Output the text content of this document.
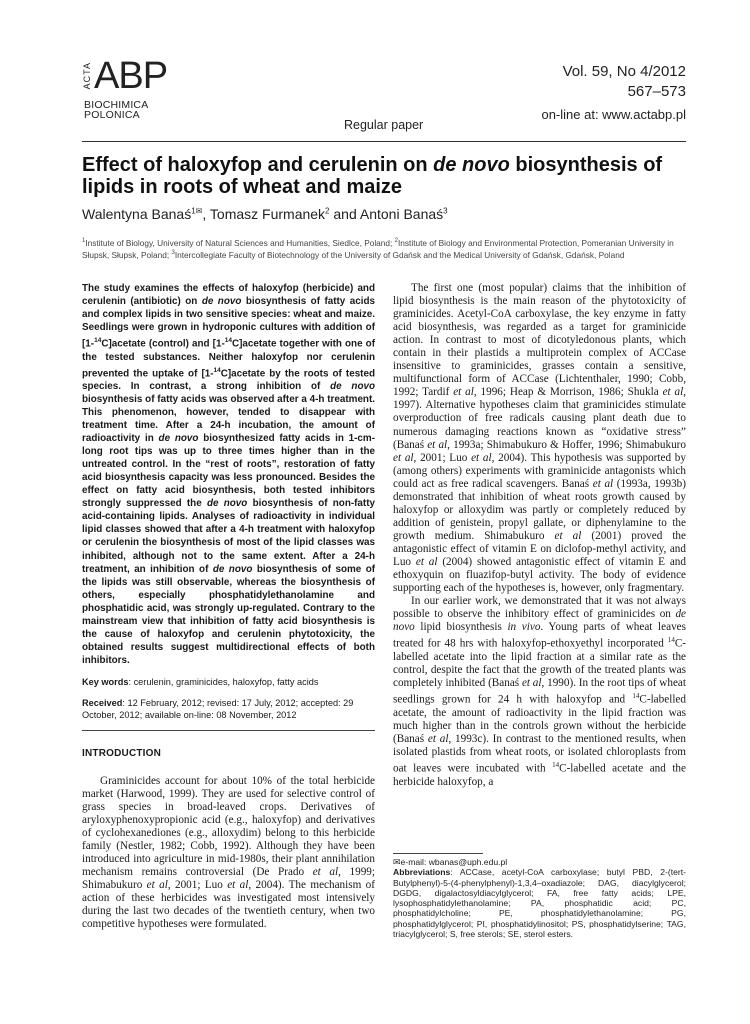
ACTA ABP
BIOCHIMICA
POLONICA
Vol. 59, No 4/2012
567–573
on-line at: www.actabp.pl
Regular paper
Effect of haloxyfop and cerulenin on de novo biosynthesis of lipids in roots of wheat and maize
Walentyna Banaś$^{1✉}$, Tomasz Furmanek$^2$ and Antoni Banaś$^3$
$^1$Institute of Biology, University of Natural Sciences and Humanities, Siedlce, Poland; $^2$Institute of Biology and Environmental Protection, Pomeranian University in Słupsk, Słupsk, Poland; $^3$Intercollegiate Faculty of Biotechnology of the University of Gdańsk and the Medical University of Gdańsk, Gdańsk, Poland
The study examines the effects of haloxyfop (herbicide) and cerulenin (antibiotic) on de novo biosynthesis of fatty acids and complex lipids in two sensitive species: wheat and maize. Seedlings were grown in hydroponic cultures with addition of [1-$^{14}$C]acetate (control) and [1-$^{14}$C]acetate together with one of the tested substances. Neither haloxyfop nor cerulenin prevented the uptake of [1-$^{14}$C]acetate by the roots of tested species. In contrast, a strong inhibition of de novo biosynthesis of fatty acids was observed after a 4-h treatment. This phenomenon, however, tended to disappear with treatment time. After a 24-h incubation, the amount of radioactivity in de novo biosynthesized fatty acids in 1-cm-long root tips was up to three times higher than in the untreated control. In the “rest of roots”, restoration of fatty acid biosynthesis capacity was less pronounced. Besides the effect on fatty acid biosynthesis, both tested inhibitors strongly suppressed the de novo biosynthesis of non-fatty acid-containing lipids. Analyses of radioactivity in individual lipid classes showed that after a 4-h treatment with haloxyfop or cerulenin the biosynthesis of most of the lipid classes was inhibited, although not to the same extent. After a 24-h treatment, an inhibition of de novo biosynthesis of some of the lipids was still observable, whereas the biosynthesis of others, especially phosphatidylethanolamine and phosphatidic acid, was strongly up-regulated. Contrary to the mainstream view that inhibition of fatty acid biosynthesis is the cause of haloxyfop and cerulenin phytotoxicity, the obtained results suggest multidirectional effects of both inhibitors.
Key words: cerulenin, graminicides, haloxyfop, fatty acids
Received: 12 February, 2012; revised: 17 July, 2012; accepted: 29 October, 2012; available on-line: 08 November, 2012
INTRODUCTION
Graminicides account for about 10% of the total herbicide market (Harwood, 1999). They are used for selective control of grass species in broad-leaved crops. Derivatives of aryloxyphenoxypropionic acid (e.g., haloxyfop) and derivatives of cyclohexanediones (e.g., alloxydim) belong to this herbicide family (Nestler, 1982; Cobb, 1992). Although they have been introduced into agriculture in mid-1980s, their plant annihilation mechanism remains controversial (De Prado et al, 1999; Shimabukuro et al, 2001; Luo et al, 2004). The mechanism of action of these herbicides was investigated most intensively during the last two decades of the twentieth century, when two competitive hypotheses were formulated.
The first one (most popular) claims that the inhibition of lipid biosynthesis is the main reason of the phytotoxicity of graminicides. Acetyl-CoA carboxylase, the key enzyme in fatty acid biosynthesis, was regarded as a target for graminicide action. In contrast to most of dicotyledonous plants, which contain in their plastids a multiprotein complex of ACCase insensitive to graminicides, grasses contain a sensitive, multifunctional form of ACCase (Lichtenthaler, 1990; Cobb, 1992; Tardif et al, 1996; Heap & Morrison, 1986; Shukla et al, 1997). Alternative hypotheses claim that graminicides stimulate overproduction of free radicals causing plant death due to numerous damaging reactions known as “oxidative stress” (Banaś et al, 1993a; Shimabukuro & Hoffer, 1996; Shimabukuro et al, 2001; Luo et al, 2004). This hypothesis was supported by (among others) experiments with graminicide antagonists which could act as free radical scavengers. Banaś et al (1993a, 1993b) demonstrated that inhibition of wheat roots growth caused by haloxyfop or alloxydim was partly or completely reduced by addition of genistein, propyl gallate, or diphenylamine to the growth medium. Shimabukuro et al (2001) proved the antagonistic effect of vitamin E on diclofop-methyl activity, and Luo et al (2004) showed antagonistic effect of vitamin E and ethoxyquin on fluazifop-butyl activity. The body of evidence supporting each of the hypotheses is, however, only fragmentary.
In our earlier work, we demonstrated that it was not always possible to observe the inhibitory effect of graminicides on de novo lipid biosynthesis in vivo. Young parts of wheat leaves treated for 48 hrs with haloxyfop-ethoxyethyl incorporated $^{14}$C-labelled acetate into the lipid fraction at a similar rate as the control, despite the fact that the growth of the treated plants was completely inhibited (Banaś et al, 1990). In the root tips of wheat seedlings grown for 24 h with haloxyfop and $^{14}$C-labelled acetate, the amount of radioactivity in the lipid fraction was much higher than in the controls grown without the herbicide (Banaś et al, 1993c). In contrast to the mentioned results, when isolated plastids from wheat roots, or isolated chloroplasts from oat leaves were incubated with $^{14}$C-labelled acetate and the herbicide haloxyfop, a
✉e-mail: wbanas@uph.edu.pl
Abbreviations: ACCase, acetyl-CoA carboxylase; butyl PBD, 2-(tert-Butylphenyl)-5-(4-phenylphenyl)-1,3,4–oxadiazole; DAG, diacylglycerol; DGDG, digalactosyldiacylglycerol; FA, free fatty acids; LPE, lysophosphatidylethanolamine; PA, phosphatidic acid; PC, phosphatidylcholine; PE, phosphatidylethanolamine; PG, phosphatidylglycerol; PI, phosphatidylinositol; PS, phosphatidylserine; TAG, triacylglycerol; S, free sterols; SE, sterol esters.
